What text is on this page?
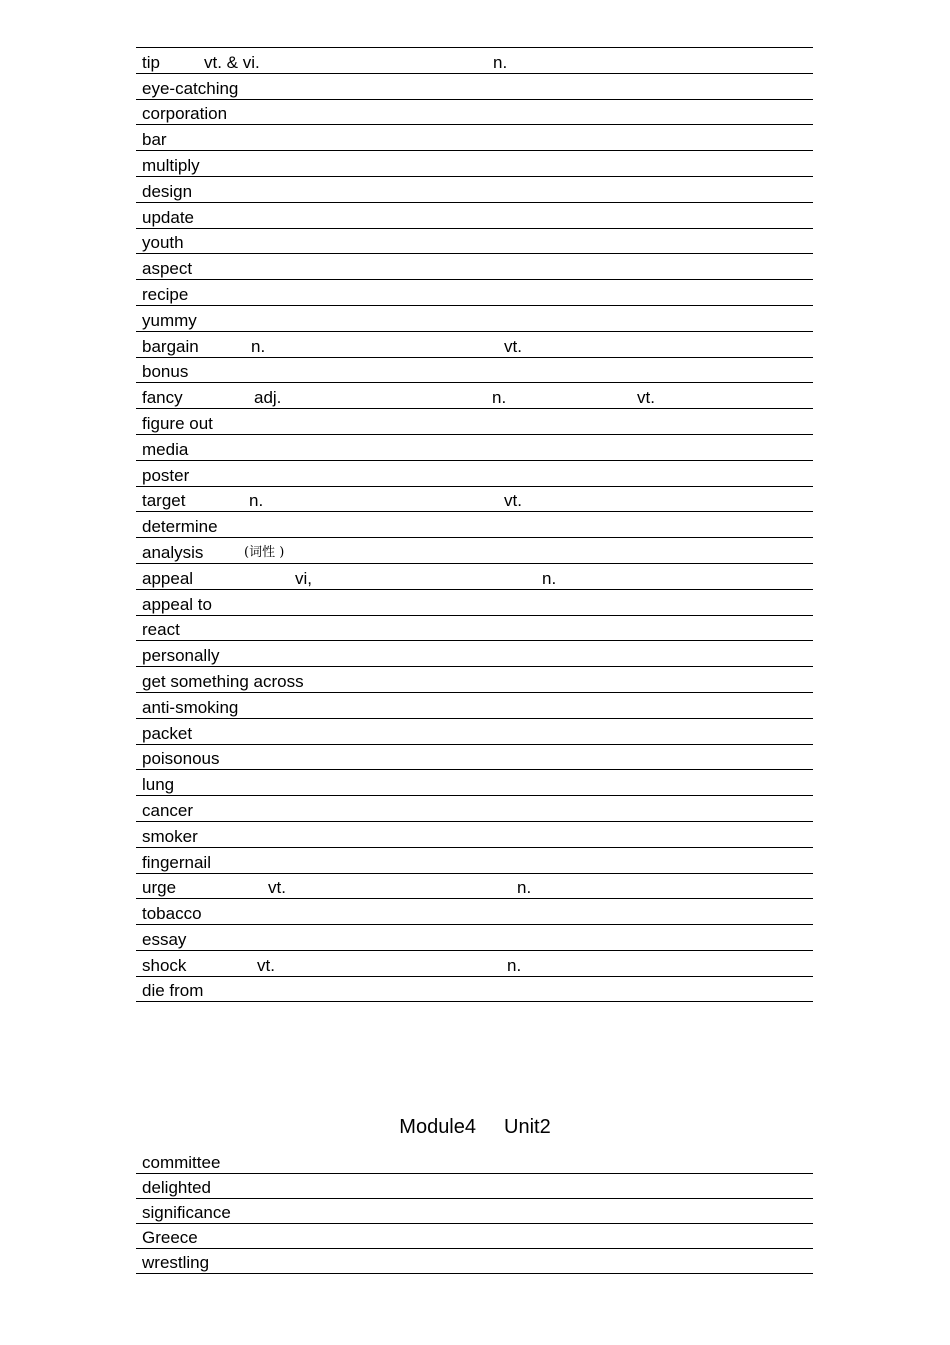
tip	vt. & vi.	n.
eye-catching
corporation
bar
multiply
design
update
youth
aspect
recipe
yummy
bargain	n.	vt.
bonus
fancy	adj.	n.	vt.
figure out
media
poster
target	n.	vt.
determine
analysis	(词性 )
appeal	vi,	n.
appeal to
react
personally
get something across
anti-smoking
packet
poisonous
lung
cancer
smoker
fingernail
urge	vt.	n.
tobacco
essay
shock	vt.	n.
die from
Module4 Unit2
committee
delighted
significance
Greece
wrestling
